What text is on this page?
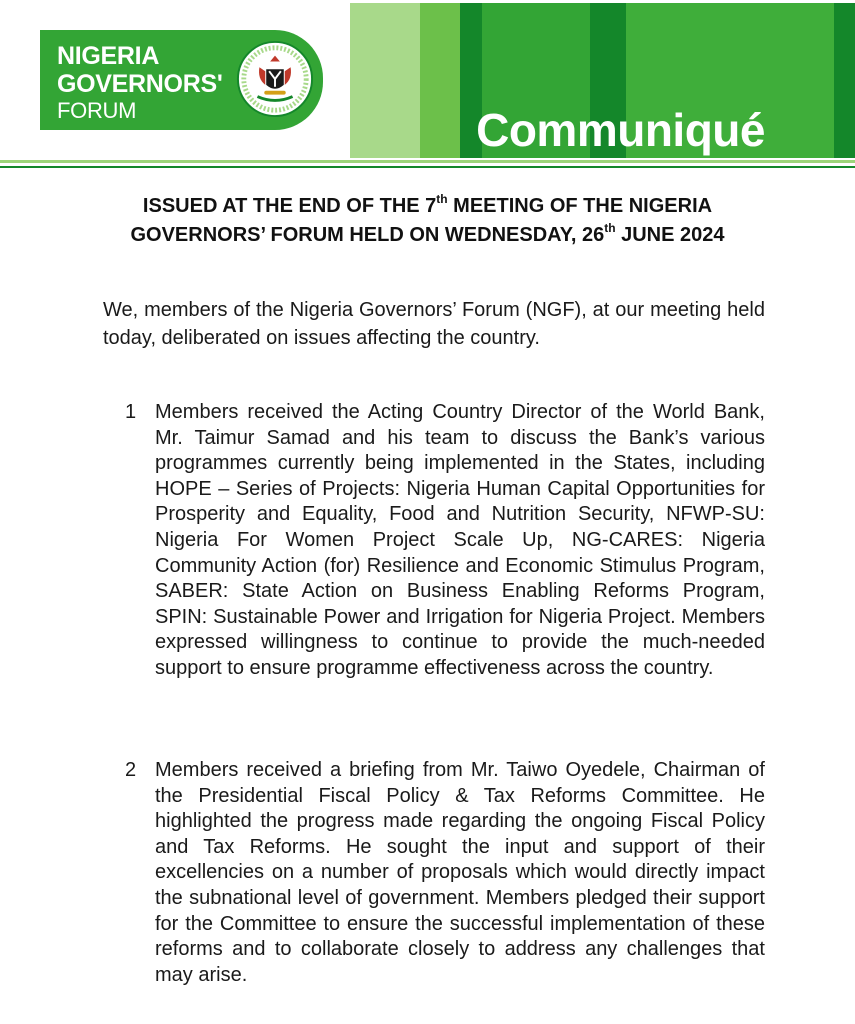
NIGERIA
GOVERNORS'
FORUM	Communiqué
ISSUED AT THE END OF THE 7th MEETING OF THE NIGERIA GOVERNORS’ FORUM HELD ON WEDNESDAY, 26th JUNE 2024

We, members of the Nigeria Governors’ Forum (NGF), at our meeting held today, deliberated on issues affecting the country.

1 Members received the Acting Country Director of the World Bank, Mr. Taimur Samad and his team to discuss the Bank’s various programmes currently being implemented in the States, including HOPE – Series of Projects: Nigeria Human Capital Opportunities for Prosperity and Equality, Food and Nutrition Security, NFWP-SU: Nigeria For Women Project Scale Up, NG-CARES: Nigeria Community Action (for) Resilience and Economic Stimulus Program, SABER: State Action on Business Enabling Reforms Program, SPIN: Sustainable Power and Irrigation for Nigeria Project. Members expressed willingness to continue to provide the much-needed support to ensure programme effectiveness across the country.

2 Members received a briefing from Mr. Taiwo Oyedele, Chairman of the Presidential Fiscal Policy & Tax Reforms Committee. He highlighted the progress made regarding the ongoing Fiscal Policy and Tax Reforms. He sought the input and support of their excellencies on a number of proposals which would directly impact the subnational level of government. Members pledged their support for the Committee to ensure the successful implementation of these reforms and to collaborate closely to address any challenges that may arise.
